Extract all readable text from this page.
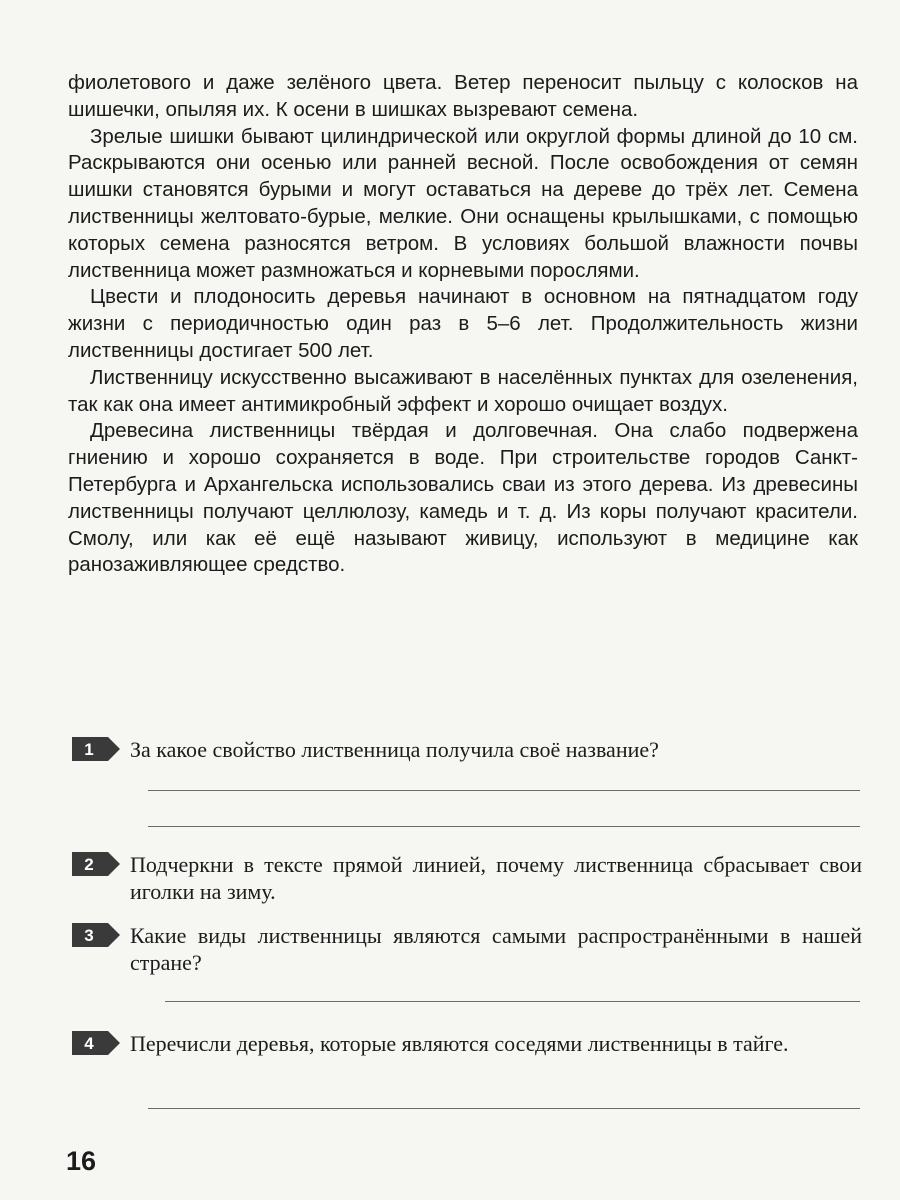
фиолетового и даже зелёного цвета. Ветер переносит пыльцу с колосков на шишечки, опыляя их. К осени в шишках вызревают семена.

Зрелые шишки бывают цилиндрической или округлой формы длиной до 10 см. Раскрываются они осенью или ранней весной. После освобождения от семян шишки становятся бурыми и могут оставаться на дереве до трёх лет. Семена лиственницы желтовато-бурые, мелкие. Они оснащены крылышками, с помощью которых семена разносятся ветром. В условиях большой влажности почвы лиственница может размножаться и корневыми порослями.

Цвести и плодоносить деревья начинают в основном на пятнадцатом году жизни с периодичностью один раз в 5–6 лет. Продолжительность жизни лиственницы достигает 500 лет.

Лиственницу искусственно высаживают в населённых пунктах для озеленения, так как она имеет антимикробный эффект и хорошо очищает воздух.

Древесина лиственницы твёрдая и долговечная. Она слабо подвержена гниению и хорошо сохраняется в воде. При строительстве городов Санкт-Петербурга и Архангельска использовались сваи из этого дерева. Из древесины лиственницы получают целлюлозу, камедь и т. д. Из коры получают красители. Смолу, или как её ещё называют живицу, используют в медицине как ранозаживляющее средство.

1 За какое свойство лиственница получила своё название?
2 Подчеркни в тексте прямой линией, почему лиственница сбрасывает свои иголки на зиму.
3 Какие виды лиственницы являются самыми распространёнными в нашей стране?
4 Перечисли деревья, которые являются соседями лиственницы в тайге.
16
